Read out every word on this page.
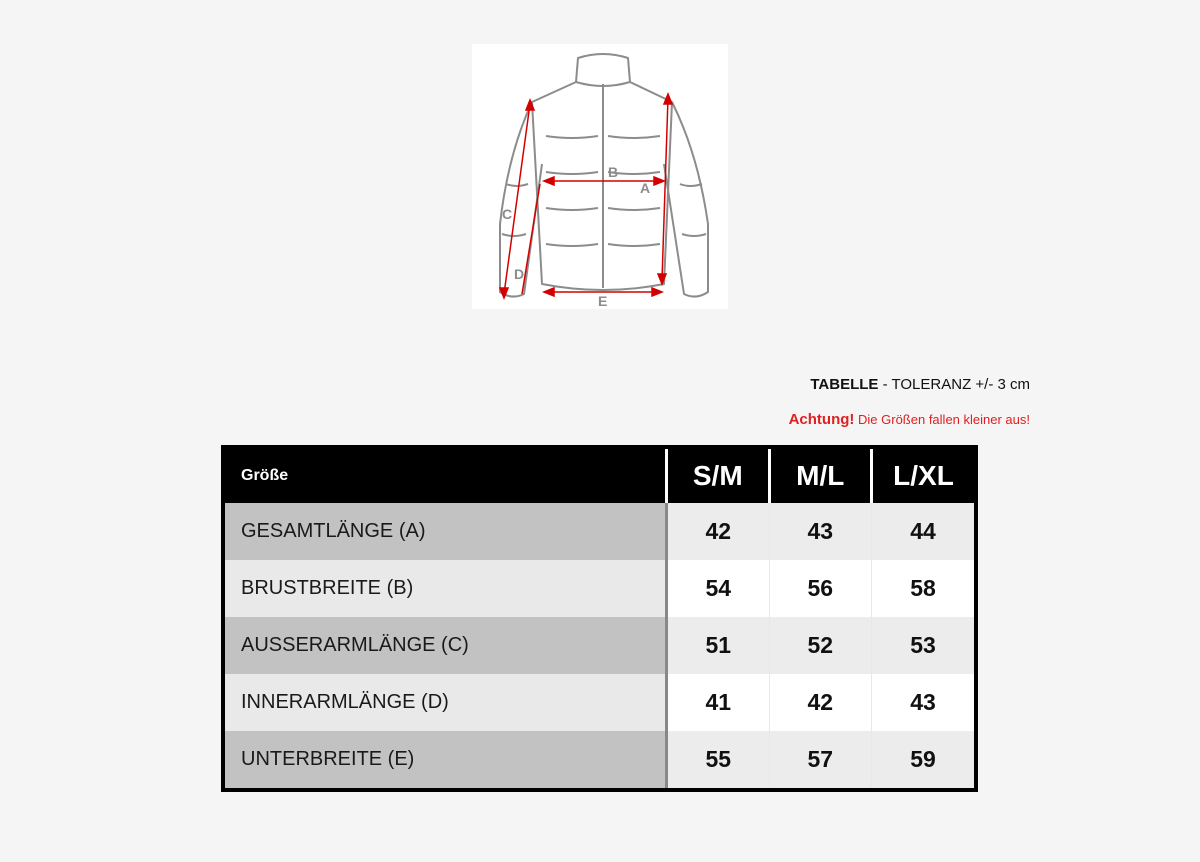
B
A
C
D
E
TABELLE - TOLERANZ +/- 3 cm
Achtung! Die Größen fallen kleiner aus!
Größe	S/M	M/L	L/XL
GESAMTLÄNGE (A)	42	43	44
BRUSTBREITE (B)	54	56	58
AUSSERARMLÄNGE (C)	51	52	53
INNERARMLÄNGE (D)	41	42	43
UNTERBREITE (E)	55	57	59
